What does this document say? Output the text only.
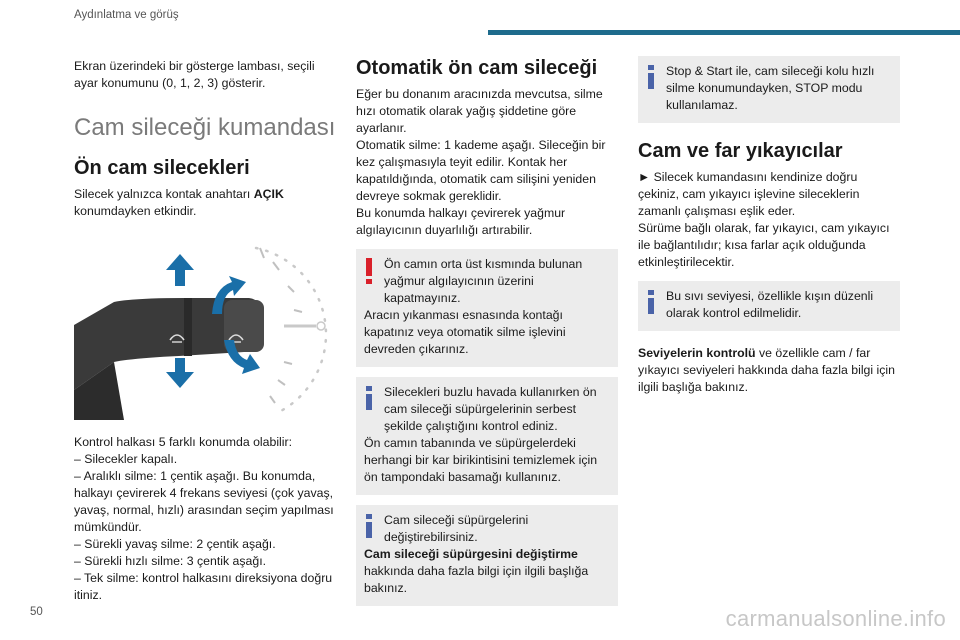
Aydınlatma ve görüş

Ekran üzerindeki bir gösterge lambası, seçili ayar konumunu (0, 1, 2, 3) gösterir.

Cam sileceği kumandası
Ön cam silecekleri

Silecek yalnızca kontak anahtarı AÇIK konumdayken etkindir.

Kontrol halkası 5 farklı konumda olabilir:

– Silecekler kapalı.

– Aralıklı silme: 1 çentik aşağı. Bu konumda, halkayı çevirerek 4 frekans seviyesi (çok yavaş, yavaş, normal, hızlı) arasından seçim yapılması mümkündür.

– Sürekli yavaş silme: 2 çentik aşağı.

– Sürekli hızlı silme: 3 çentik aşağı.

– Tek silme: kontrol halkasını direksiyona doğru itiniz.

Otomatik ön cam sileceği

Eğer bu donanım aracınızda mevcutsa, silme hızı otomatik olarak yağış şiddetine göre ayarlanır.

Otomatik silme: 1 kademe aşağı. Sileceğin bir kez çalışmasıyla teyit edilir. Kontak her kapatıldığında, otomatik cam silişini yeniden devreye sokmak gereklidir.

Bu konumda halkayı çevirerek yağmur algılayıcının duyarlılığı artırabilir.

Ön camın orta üst kısmında bulunan yağmur algılayıcının üzerini kapatmayınız.
Aracın yıkanması esnasında kontağı kapatınız veya otomatik silme işlevini devreden çıkarınız.
Silecekleri buzlu havada kullanırken ön cam sileceği süpürgelerinin serbest şekilde çalıştığını kontrol ediniz.
Ön camın tabanında ve süpürgelerdeki herhangi bir kar birikintisini temizlemek için ön tampondaki basamağı kullanınız.
Cam sileceği süpürgelerini değiştirebilirsiniz.
Cam sileceği süpürgesini değiştirme hakkında daha fazla bilgi için ilgili başlığa bakınız.
Stop & Start ile, cam sileceği kolu hızlı silme konumundayken, STOP modu kullanılamaz.
Cam ve far yıkayıcılar

► Silecek kumandasını kendinize doğru çekiniz, cam yıkayıcı işlevine sileceklerin zamanlı çalışması eşlik eder.

Sürüme bağlı olarak, far yıkayıcı, cam yıkayıcı ile bağlantılıdır; kısa farlar açık olduğunda etkinleştirilecektir.

Bu sıvı seviyesi, özellikle kışın düzenli olarak kontrol edilmelidir.

Seviyelerin kontrolü ve özellikle cam / far yıkayıcı seviyeleri hakkında daha fazla bilgi için ilgili başlığa bakınız.

50	carmanualsonline.info
